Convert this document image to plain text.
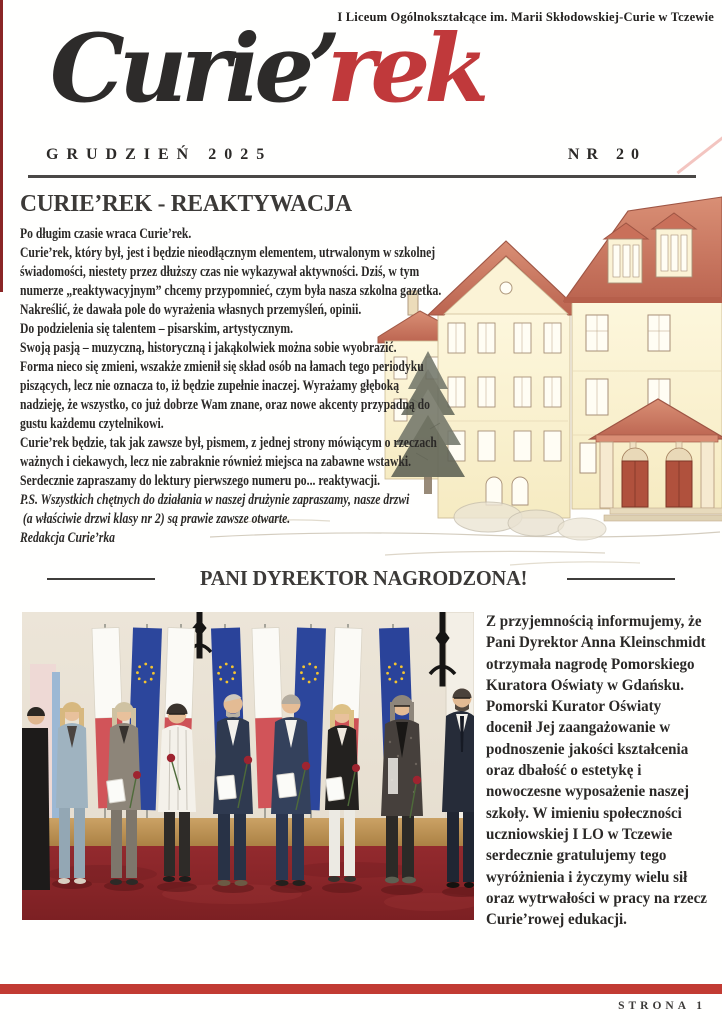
I Liceum Ogólnokształcące im. Marii Skłodowskiej-Curie w Tczewie
Curie’rek
GRUDZIEŃ 2025	NR 20
CURIE’REK - REAKTYWACJA
Po długim czasie wraca Curie’rek.
Curie’rek, który był, jest i będzie nieodłącznym elementem, utrwalonym w szkolnej
świadomości, niestety przez dłuższy czas nie wykazywał aktywności. Dziś, w tym
numerze „reaktywacyjnym” chcemy przypomnieć, czym była nasza szkolna gazetka.
Nakreślić, że dawała pole do wyrażenia własnych przemyśleń, opinii.
Do podzielenia się talentem – pisarskim, artystycznym.
Swoją pasją – muzyczną, historyczną i jakąkolwiek można sobie wyobrazić.
Forma nieco się zmieni, wszakże zmienił się skład osób na łamach tego periodyku
piszących, lecz nie oznacza to, iż będzie zupełnie inaczej. Wyrażamy głęboką
nadzieję, że wszystko, co już dobrze Wam znane, oraz nowe akcenty przypadną do
gustu każdemu czytelnikowi.
Curie’rek będzie, tak jak zawsze był, pismem, z jednej strony mówiącym o rzeczach
ważnych i ciekawych, lecz nie zabraknie również miejsca na zabawne wstawki.
Serdecznie zapraszamy do lektury pierwszego numeru po... reaktywacji.
P.S. Wszystkich chętnych do działania w naszej drużynie zapraszamy, nasze drzwi
(a właściwie drzwi klasy nr 2) są prawie zawsze otwarte.
Redakcja Curie’rka
PANI DYREKTOR NAGRODZONA!
Z przyjemnością informujemy, że
Pani Dyrektor Anna Kleinschmidt
otrzymała nagrodę Pomorskiego
Kuratora Oświaty w Gdańsku.
Pomorski Kurator Oświaty
docenił Jej zaangażowanie w
podnoszenie jakości kształcenia
oraz dbałość o estetykę i
nowoczesne wyposażenie naszej
szkoły. W imieniu społeczności
uczniowskiej I LO w Tczewie
serdecznie gratulujemy tego
wyróżnienia i życzymy wielu sił
oraz wytrwałości w pracy na rzecz
Curie’rowej edukacji.
STRONA 1
